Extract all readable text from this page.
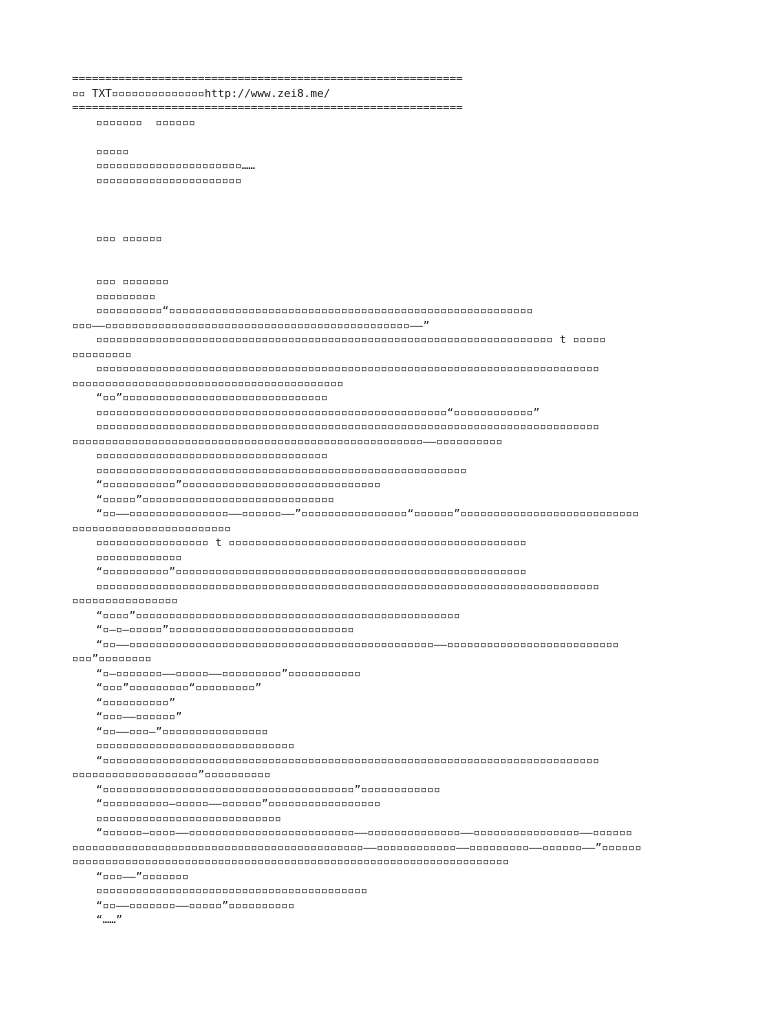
===========================================================
▫▫ TXT▫▫▫▫▫▫▫▫▫▫▫▫▫▫http://www.zei8.me/
===========================================================
▫▫▫▫▫▫▫  ▫▫▫▫▫▫
▫▫▫▫▫
▫▫▫▫▫▫▫▫▫▫▫▫▫▫▫▫▫▫▫▫▫▫……
▫▫▫▫▫▫▫▫▫▫▫▫▫▫▫▫▫▫▫▫▫▫
▫▫▫ ▫▫▫▫▫▫
▫▫▫ ▫▫▫▫▫▫▫
▫▫▫▫▫▫▫▫▫
▫▫▫▫▫▫▫▫▫▫“▫▫▫▫▫▫▫▫▫▫▫▫▫▫▫▫▫▫▫▫▫▫▫▫▫▫▫▫▫▫▫▫▫▫▫▫▫▫▫▫▫▫▫▫▫▫▫▫▫▫▫▫▫▫▫
▫▫▫——▫▫▫▫▫▫▫▫▫▫▫▫▫▫▫▫▫▫▫▫▫▫▫▫▫▫▫▫▫▫▫▫▫▫▫▫▫▫▫▫▫▫▫▫▫▫——”
▫▫▫▫▫▫▫▫▫▫▫▫▫▫▫▫▫▫▫▫▫▫▫▫▫▫▫▫▫▫▫▫▫▫▫▫▫▫▫▫▫▫▫▫▫▫▫▫▫▫▫▫▫▫▫▫▫▫▫▫▫▫▫▫▫▫▫▫▫ t ▫▫▫▫▫
▫▫▫▫▫▫▫▫▫
▫▫▫▫▫▫▫▫▫▫▫▫▫▫▫▫▫▫▫▫▫▫▫▫▫▫▫▫▫▫▫▫▫▫▫▫▫▫▫▫▫▫▫▫▫▫▫▫▫▫▫▫▫▫▫▫▫▫▫▫▫▫▫▫▫▫▫▫▫▫▫▫▫▫▫▫
▫▫▫▫▫▫▫▫▫▫▫▫▫▫▫▫▫▫▫▫▫▫▫▫▫▫▫▫▫▫▫▫▫▫▫▫▫▫▫▫▫
“▫▫”▫▫▫▫▫▫▫▫▫▫▫▫▫▫▫▫▫▫▫▫▫▫▫▫▫▫▫▫▫▫▫
▫▫▫▫▫▫▫▫▫▫▫▫▫▫▫▫▫▫▫▫▫▫▫▫▫▫▫▫▫▫▫▫▫▫▫▫▫▫▫▫▫▫▫▫▫▫▫▫▫▫▫▫▫“▫▫▫▫▫▫▫▫▫▫▫▫”
▫▫▫▫▫▫▫▫▫▫▫▫▫▫▫▫▫▫▫▫▫▫▫▫▫▫▫▫▫▫▫▫▫▫▫▫▫▫▫▫▫▫▫▫▫▫▫▫▫▫▫▫▫▫▫▫▫▫▫▫▫▫▫▫▫▫▫▫▫▫▫▫▫▫▫▫
▫▫▫▫▫▫▫▫▫▫▫▫▫▫▫▫▫▫▫▫▫▫▫▫▫▫▫▫▫▫▫▫▫▫▫▫▫▫▫▫▫▫▫▫▫▫▫▫▫▫▫▫▫——▫▫▫▫▫▫▫▫▫▫
▫▫▫▫▫▫▫▫▫▫▫▫▫▫▫▫▫▫▫▫▫▫▫▫▫▫▫▫▫▫▫▫▫▫▫
▫▫▫▫▫▫▫▫▫▫▫▫▫▫▫▫▫▫▫▫▫▫▫▫▫▫▫▫▫▫▫▫▫▫▫▫▫▫▫▫▫▫▫▫▫▫▫▫▫▫▫▫▫▫▫▫
“▫▫▫▫▫▫▫▫▫▫▫”▫▫▫▫▫▫▫▫▫▫▫▫▫▫▫▫▫▫▫▫▫▫▫▫▫▫▫▫▫▫
“▫▫▫▫▫”▫▫▫▫▫▫▫▫▫▫▫▫▫▫▫▫▫▫▫▫▫▫▫▫▫▫▫▫▫
“▫▫——▫▫▫▫▫▫▫▫▫▫▫▫▫▫▫——▫▫▫▫▫▫——”▫▫▫▫▫▫▫▫▫▫▫▫▫▫▫▫“▫▫▫▫▫▫”▫▫▫▫▫▫▫▫▫▫▫▫▫▫▫▫▫▫▫▫▫▫▫▫▫▫▫
▫▫▫▫▫▫▫▫▫▫▫▫▫▫▫▫▫▫▫▫▫▫▫▫
▫▫▫▫▫▫▫▫▫▫▫▫▫▫▫▫▫ t ▫▫▫▫▫▫▫▫▫▫▫▫▫▫▫▫▫▫▫▫▫▫▫▫▫▫▫▫▫▫▫▫▫▫▫▫▫▫▫▫▫▫▫▫▫
▫▫▫▫▫▫▫▫▫▫▫▫▫
“▫▫▫▫▫▫▫▫▫▫”▫▫▫▫▫▫▫▫▫▫▫▫▫▫▫▫▫▫▫▫▫▫▫▫▫▫▫▫▫▫▫▫▫▫▫▫▫▫▫▫▫▫▫▫▫▫▫▫▫▫▫▫▫
▫▫▫▫▫▫▫▫▫▫▫▫▫▫▫▫▫▫▫▫▫▫▫▫▫▫▫▫▫▫▫▫▫▫▫▫▫▫▫▫▫▫▫▫▫▫▫▫▫▫▫▫▫▫▫▫▫▫▫▫▫▫▫▫▫▫▫▫▫▫▫▫▫▫▫▫
▫▫▫▫▫▫▫▫▫▫▫▫▫▫▫▫
“▫▫▫▫”▫▫▫▫▫▫▫▫▫▫▫▫▫▫▫▫▫▫▫▫▫▫▫▫▫▫▫▫▫▫▫▫▫▫▫▫▫▫▫▫▫▫▫▫▫▫▫▫▫
“▫—▫—▫▫▫▫▫”▫▫▫▫▫▫▫▫▫▫▫▫▫▫▫▫▫▫▫▫▫▫▫▫▫▫▫▫
“▫▫——▫▫▫▫▫▫▫▫▫▫▫▫▫▫▫▫▫▫▫▫▫▫▫▫▫▫▫▫▫▫▫▫▫▫▫▫▫▫▫▫▫▫▫▫▫▫——▫▫▫▫▫▫▫▫▫▫▫▫▫▫▫▫▫▫▫▫▫▫▫▫▫▫
▫▫▫”▫▫▫▫▫▫▫▫
“▫—▫▫▫▫▫▫▫——▫▫▫▫▫——▫▫▫▫▫▫▫▫▫”▫▫▫▫▫▫▫▫▫▫▫
“▫▫▫”▫▫▫▫▫▫▫▫▫“▫▫▫▫▫▫▫▫▫”
“▫▫▫▫▫▫▫▫▫▫”
“▫▫▫——▫▫▫▫▫▫”
“▫▫——▫▫▫—”▫▫▫▫▫▫▫▫▫▫▫▫▫▫▫▫
▫▫▫▫▫▫▫▫▫▫▫▫▫▫▫▫▫▫▫▫▫▫▫▫▫▫▫▫▫▫
“▫▫▫▫▫▫▫▫▫▫▫▫▫▫▫▫▫▫▫▫▫▫▫▫▫▫▫▫▫▫▫▫▫▫▫▫▫▫▫▫▫▫▫▫▫▫▫▫▫▫▫▫▫▫▫▫▫▫▫▫▫▫▫▫▫▫▫▫▫▫▫▫▫▫▫
▫▫▫▫▫▫▫▫▫▫▫▫▫▫▫▫▫▫▫”▫▫▫▫▫▫▫▫▫▫
“▫▫▫▫▫▫▫▫▫▫▫▫▫▫▫▫▫▫▫▫▫▫▫▫▫▫▫▫▫▫▫▫▫▫▫▫▫▫”▫▫▫▫▫▫▫▫▫▫▫▫
“▫▫▫▫▫▫▫▫▫▫—▫▫▫▫▫——▫▫▫▫▫▫”▫▫▫▫▫▫▫▫▫▫▫▫▫▫▫▫▫
▫▫▫▫▫▫▫▫▫▫▫▫▫▫▫▫▫▫▫▫▫▫▫▫▫▫▫▫
“▫▫▫▫▫▫—▫▫▫▫——▫▫▫▫▫▫▫▫▫▫▫▫▫▫▫▫▫▫▫▫▫▫▫▫▫——▫▫▫▫▫▫▫▫▫▫▫▫▫▫——▫▫▫▫▫▫▫▫▫▫▫▫▫▫▫▫——▫▫▫▫▫▫
▫▫▫▫▫▫▫▫▫▫▫▫▫▫▫▫▫▫▫▫▫▫▫▫▫▫▫▫▫▫▫▫▫▫▫▫▫▫▫▫▫▫▫▫——▫▫▫▫▫▫▫▫▫▫▫▫——▫▫▫▫▫▫▫▫▫——▫▫▫▫▫▫——”▫▫▫▫▫▫
▫▫▫▫▫▫▫▫▫▫▫▫▫▫▫▫▫▫▫▫▫▫▫▫▫▫▫▫▫▫▫▫▫▫▫▫▫▫▫▫▫▫▫▫▫▫▫▫▫▫▫▫▫▫▫▫▫▫▫▫▫▫▫▫▫▫
“▫▫▫——”▫▫▫▫▫▫▫
▫▫▫▫▫▫▫▫▫▫▫▫▫▫▫▫▫▫▫▫▫▫▫▫▫▫▫▫▫▫▫▫▫▫▫▫▫▫▫▫▫
“▫▫——▫▫▫▫▫▫▫——▫▫▫▫▫”▫▫▫▫▫▫▫▫▫▫
“……”
